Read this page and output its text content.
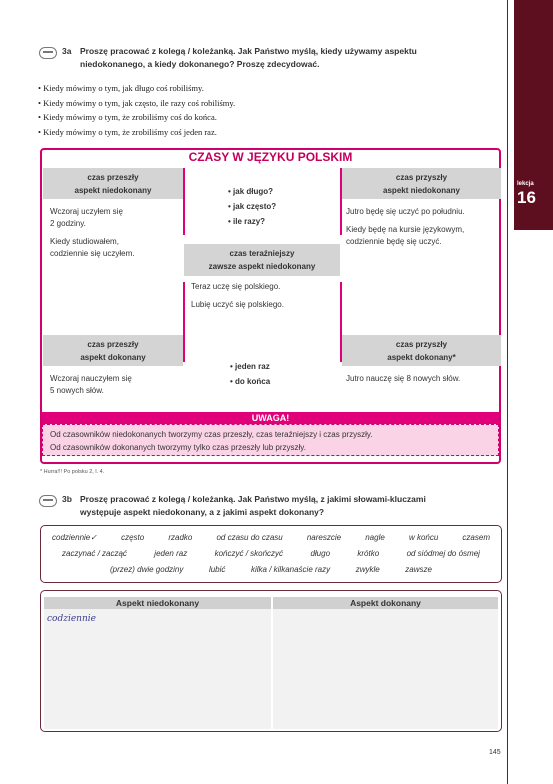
lekcja
16
3a Proszę pracować z kolegą / koleżanką. Jak Państwo myślą, kiedy używamy aspektu
niedokonanego, a kiedy dokonanego? Proszę zdecydować.
• Kiedy mówimy o tym, jak długo coś robiliśmy.
• Kiedy mówimy o tym, jak często, ile razy coś robiliśmy.
• Kiedy mówimy o tym, że zrobiliśmy coś do końca.
• Kiedy mówimy o tym, że zrobiliśmy coś jeden raz.
CZASY W JĘZYKU POLSKIM
czas przeszły
aspekt niedokonany
Wczoraj uczyłem się
2 godziny.
Kiedy studiowałem,
codziennie się uczyłem.
• jak długo?
• jak często?
• ile razy?
czas przyszły
aspekt niedokonany
Jutro będę się uczyć po południu.
Kiedy będę na kursie językowym,
codziennie będę się uczyć.
czas teraźniejszy
zawsze aspekt niedokonany
Teraz uczę się polskiego.
Lubię uczyć się polskiego.
czas przeszły
aspekt dokonany
Wczoraj nauczyłem się
5 nowych słów.
• jeden raz
• do końca
czas przyszły
aspekt dokonany*
Jutro nauczę się 8 nowych słów.
UWAGA!
Od czasowników niedokonanych tworzymy czas przeszły, czas teraźniejszy i czas przyszły.
Od czasowników dokonanych tworzymy tylko czas przeszły lub przyszły.
* Hurra!!! Po polsku 2, l. 4.
3b Proszę pracować z kolegą / koleżanką. Jak Państwo myślą, z jakimi słowami-kluczami
występuje aspekt niedokonany, a z jakimi aspekt dokonany?
codziennie✓	często	rzadko	od czasu do czasu	nareszcie	nagle	w końcu	czasem
zaczynać / zacząć	jeden raz	kończyć / skończyć	długo	krótko	od siódmej do ósmej
(przez) dwie godziny	lubić	kilka / kilkanaście razy	zwykle	zawsze
Aspekt niedokonany	Aspekt dokonany
codziennie
145
